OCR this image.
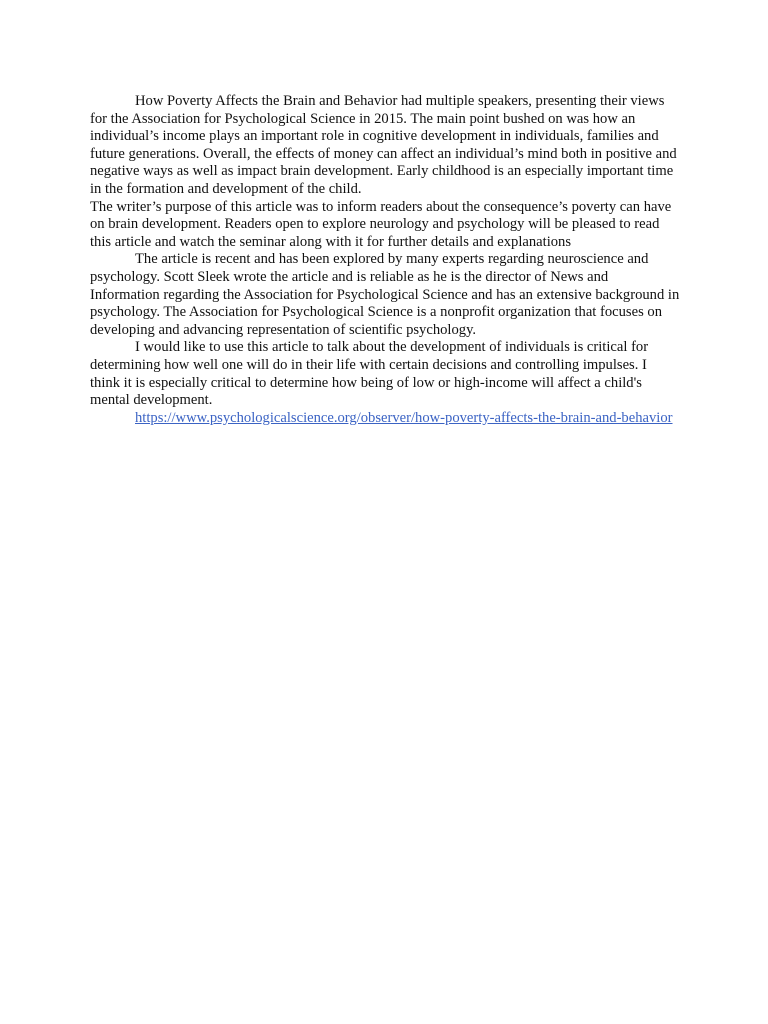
How Poverty Affects the Brain and Behavior had multiple speakers, presenting their views for the Association for Psychological Science in 2015. The main point bushed on was how an individual’s income plays an important role in cognitive development in individuals, families and future generations. Overall, the effects of money can affect an individual’s mind both in positive and negative ways as well as impact brain development. Early childhood is an especially important time in the formation and development of the child.

The writer’s purpose of this article was to inform readers about the consequence’s poverty can have on brain development. Readers open to explore neurology and psychology will be pleased to read this article and watch the seminar along with it for further details and explanations

The article is recent and has been explored by many experts regarding neuroscience and psychology. Scott Sleek wrote the article and is reliable as he is the director of News and Information regarding the Association for Psychological Science and has an extensive background in psychology. The Association for Psychological Science is a nonprofit organization that focuses on developing and advancing representation of scientific psychology.

I would like to use this article to talk about the development of individuals is critical for determining how well one will do in their life with certain decisions and controlling impulses. I think it is especially critical to determine how being of low or high-income will affect a child's mental development.

https://www.psychologicalscience.org/observer/how-poverty-affects-the-brain-and-behavior
